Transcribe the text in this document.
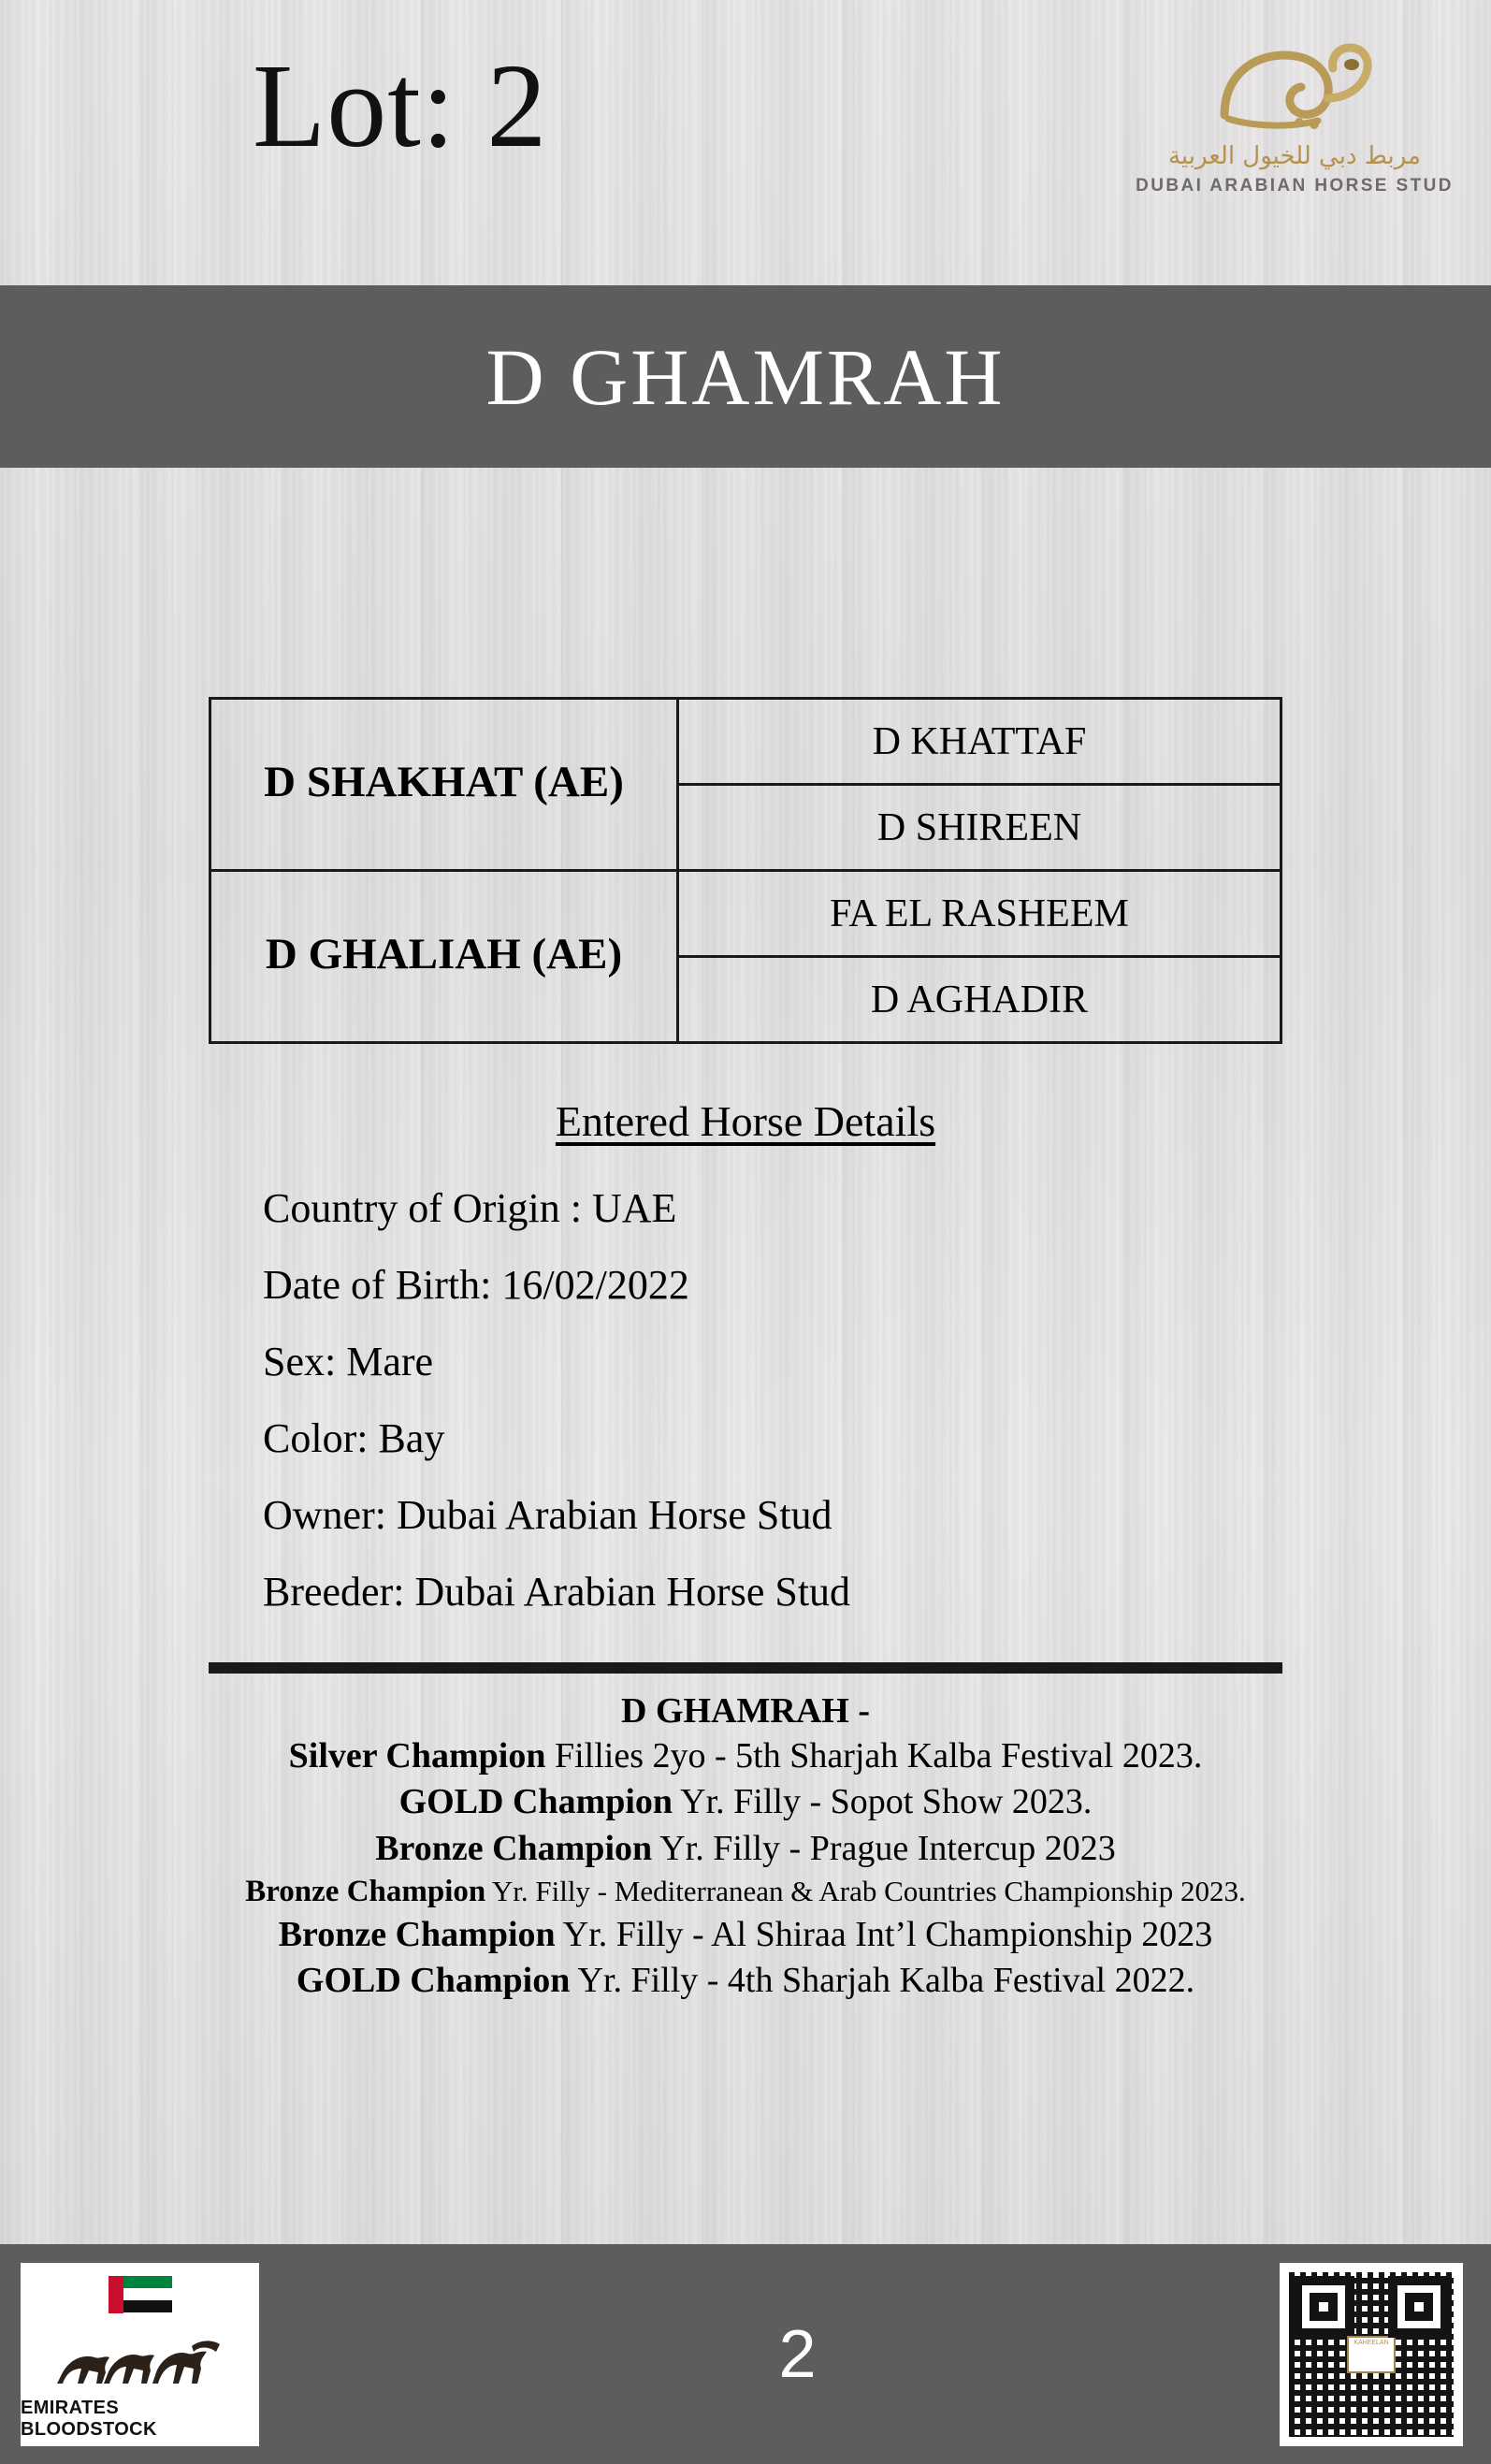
Lot: 2	مربط دبي للخيول العربية
DUBAI ARABIAN HORSE STUD
D GHAMRAH
D SHAKHAT (AE)	D KHATTAF
	D SHIREEN
D GHALIAH (AE)	FA EL RASHEEM
	D AGHADIR
Entered Horse Details
Country of Origin : UAE
Date of Birth: 16/02/2022
Sex: Mare
Color: Bay
Owner: Dubai Arabian Horse Stud
Breeder: Dubai Arabian Horse Stud
D GHAMRAH -
Silver Champion Fillies 2yo - 5th Sharjah Kalba Festival 2023.
GOLD Champion Yr. Filly - Sopot Show 2023.
Bronze Champion Yr. Filly - Prague Intercup 2023
Bronze Champion Yr. Filly - Mediterranean & Arab Countries Championship 2023.
Bronze Champion Yr. Filly - Al Shiraa Int’l Championship 2023
GOLD Champion Yr. Filly - 4th Sharjah Kalba Festival 2022.
EMIRATES BLOODSTOCK
2	KAHEELAN
